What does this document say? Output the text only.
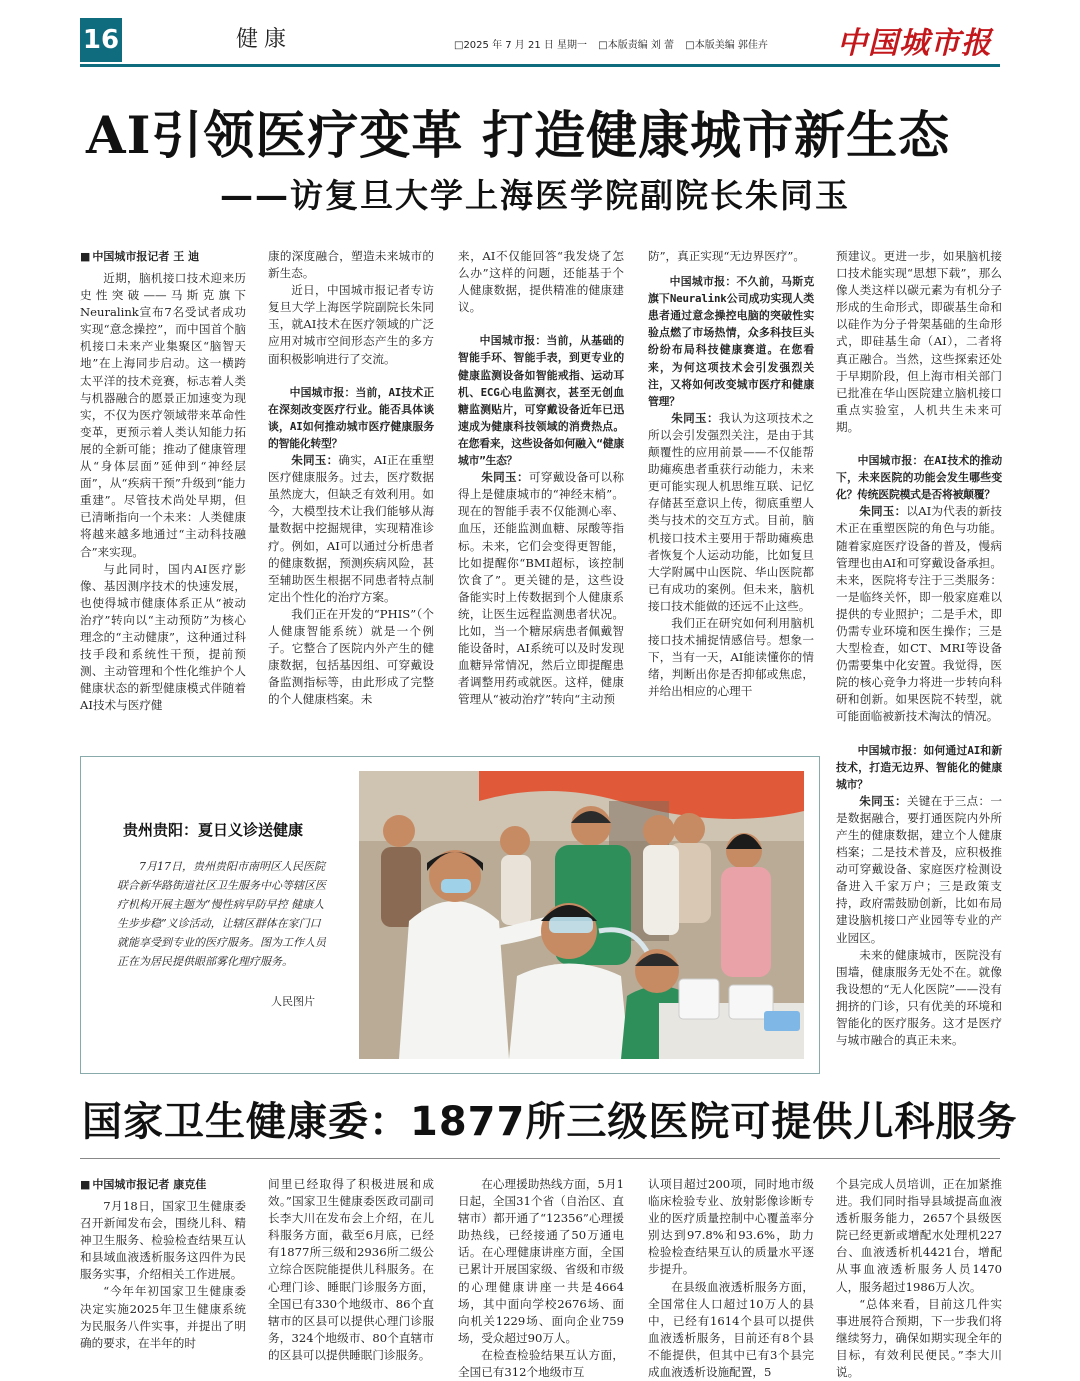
16	健康	□2025 年 7 月 21 日 星期一 □本版责编 刘 蕾 □本版美编 郭佳卉 中国城市报
AI引领医疗变革 打造健康城市新生态
——访复旦大学上海医学院副院长朱同玉

■ 中国城市报记者 王 迪

近期，脑机接口技术迎来历史性突破——马斯克旗下Neuralink宣布7名受试者成功实现“意念操控”，而中国首个脑机接口未来产业集聚区“脑智天地”在上海同步启动。这一横跨太平洋的技术竞赛，标志着人类与机器融合的愿景正加速变为现实，不仅为医疗领域带来革命性变革，更预示着人类认知能力拓展的全新可能；推动了健康管理从“身体层面”延伸到“神经层面”，从“疾病干预”升级到“能力重建”。尽管技术尚处早期，但已清晰指向一个未来：人类健康将越来越多地通过“主动科技融合”来实现。

与此同时，国内AI医疗影像、基因测序技术的快速发展，也使得城市健康体系正从“被动治疗”转向以“主动预防”为核心理念的“主动健康”，这种通过科技手段和系统性干预，提前预测、主动管理和个性化维护个人健康状态的新型健康模式伴随着AI技术与医疗健

康的深度融合，塑造未来城市的新生态。

近日，中国城市报记者专访复旦大学上海医学院副院长朱同玉，就AI技术在医疗领域的广泛应用对城市空间形态产生的多方面积极影响进行了交流。

中国城市报：当前，AI技术正在深刻改变医疗行业。能否具体谈谈，AI如何推动城市医疗健康服务的智能化转型？

朱同玉：确实，AI正在重塑医疗健康服务。过去，医疗数据虽然庞大，但缺乏有效利用。如今，大模型技术让我们能够从海量数据中挖掘规律，实现精准诊疗。例如，AI可以通过分析患者的健康数据，预测疾病风险，甚至辅助医生根据不同患者特点制定出个性化的治疗方案。

我们正在开发的“PHIS”（个人健康智能系统）就是一个例子。它整合了医院内外产生的健康数据，包括基因组、可穿戴设备监测指标等，由此形成了完整的个人健康档案。未

来，AI不仅能回答“我发烧了怎么办”这样的问题，还能基于个人健康数据，提供精准的健康建议。

中国城市报：当前，从基础的智能手环、智能手表，到更专业的健康监测设备如智能戒指、运动耳机、ECG心电监测衣，甚至无创血糖监测贴片，可穿戴设备近年已迅速成为健康科技领域的消费热点。在您看来，这些设备如何融入“健康城市”生态？

朱同玉：可穿戴设备可以称得上是健康城市的“神经末梢”。现在的智能手表不仅能测心率、血压，还能监测血糖、尿酸等指标。未来，它们会变得更智能，比如提醒你“BMI超标，该控制饮食了”。更关键的是，这些设备能实时上传数据到个人健康系统，让医生远程监测患者状况。比如，当一个糖尿病患者佩戴智能设备时，AI系统可以及时发现血糖异常情况，然后立即提醒患者调整用药或就医。这样，健康管理从“被动治疗”转向“主动预

防”，真正实现“无边界医疗”。

中国城市报：不久前，马斯克旗下Neuralink公司成功实现人类患者通过意念操控电脑的突破性实验点燃了市场热情，众多科技巨头纷纷布局科技健康赛道。在您看来，为何这项技术会引发强烈关注，又将如何改变城市医疗和健康管理？

朱同玉：我认为这项技术之所以会引发强烈关注，是由于其颠覆性的应用前景——不仅能帮助瘫痪患者重获行动能力，未来更可能实现人机思维互联、记忆存储甚至意识上传，彻底重塑人类与技术的交互方式。目前，脑机接口技术主要用于帮助瘫痪患者恢复个人运动功能，比如复旦大学附属中山医院、华山医院都已有成功的案例。但未来，脑机接口技术能做的还远不止这些。

我们正在研究如何利用脑机接口技术捕捉情感信号。想象一下，当有一天，AI能读懂你的情绪，判断出你是否抑郁或焦虑，并给出相应的心理干

预建议。更进一步，如果脑机接口技术能实现“思想下载”，那么像人类这样以碳元素为有机分子形成的生命形式，即碳基生命和以硅作为分子骨架基础的生命形式，即硅基生命（AI），二者将真正融合。当然，这些探索还处于早期阶段，但上海市相关部门已批准在华山医院建立脑机接口重点实验室，人机共生未来可期。

中国城市报：在AI技术的推动下，未来医院的功能会发生哪些变化？传统医院模式是否将被颠覆？

朱同玉：以AI为代表的新技术正在重塑医院的角色与功能。随着家庭医疗设备的普及，慢病管理也由AI和可穿戴设备承担。未来，医院将专注于三类服务：一是临终关怀，即一般家庭难以提供的专业照护；二是手术，即仍需专业环境和医生操作；三是大型检查，如CT、MRI等设备仍需要集中化安置。我觉得，医院的核心竞争力将进一步转向科研和创新。如果医院不转型，就可能面临被新技术淘汰的情况。

中国城市报：如何通过AI和新技术，打造无边界、智能化的健康城市？

朱同玉：关键在于三点：一是数据融合，要打通医院内外所产生的健康数据，建立个人健康档案；二是技术普及，应积极推动可穿戴设备、家庭医疗检测设备进入千家万户；三是政策支持，政府需鼓励创新，比如布局建设脑机接口产业园等专业的产业园区。

未来的健康城市，医院没有围墙，健康服务无处不在。就像我设想的“无人化医院”——没有拥挤的门诊，只有优美的环境和智能化的医疗服务。这才是医疗与城市融合的真正未来。

贵州贵阳：夏日义诊送健康
7月17日，贵州贵阳市南明区人民医院联合新华路街道社区卫生服务中心等辖区医疗机构开展主题为“慢性病早防早控 健康人生步步稳”义诊活动，让辖区群体在家门口就能享受到专业的医疗服务。图为工作人员正在为居民提供眼部雾化理疗服务。
人民图片
国家卫生健康委：1877所三级医院可提供儿科服务

■ 中国城市报记者 康克佳

7月18日，国家卫生健康委召开新闻发布会，围绕儿科、精神卫生服务、检验检查结果互认和县域血液透析服务这四件为民服务实事，介绍相关工作进展。

“今年年初国家卫生健康委决定实施2025年卫生健康系统为民服务八件实事，并提出了明确的要求，在半年的时

间里已经取得了积极进展和成效。”国家卫生健康委医政司副司长李大川在发布会上介绍，在儿科服务方面，截至6月底，已经有1877所三级和2936所二级公立综合医院能提供儿科服务。在心理门诊、睡眠门诊服务方面，全国已有330个地级市、86个直辖市的区县可以提供心理门诊服务，324个地级市、80个直辖市的区县可以提供睡眠门诊服务。

在心理援助热线方面，5月1日起，全国31个省（自治区、直辖市）都开通了“12356”心理援助热线，已经接通了50万通电话。在心理健康讲座方面，全国已累计开展国家级、省级和市级的心理健康讲座一共是4664场，其中面向学校2676场、面向机关1229场、面向企业759场，受众超过90万人。

在检查检验结果互认方面，全国已有312个地级市互

认项目超过200项，同时地市级临床检验专业、放射影像诊断专业的医疗质量控制中心覆盖率分别达到97.8%和93.6%，助力检验检查结果互认的质量水平逐步提升。

在县级血液透析服务方面，全国常住人口超过10万人的县中，已经有1614个县可以提供血液透析服务，目前还有8个县不能提供，但其中已有3个县完成血液透析设施配置，5

个县完成人员培训，正在加紧推进。我们同时指导县域提高血液透析服务能力，2657个县级医院已经更新或增配水处理机227台、血液透析机4421台，增配从事血液透析服务人员1470人，服务超过1986万人次。

“总体来看，目前这几件实事进展符合预期，下一步我们将继续努力，确保如期实现全年的目标，有效利民便民。”李大川说。
